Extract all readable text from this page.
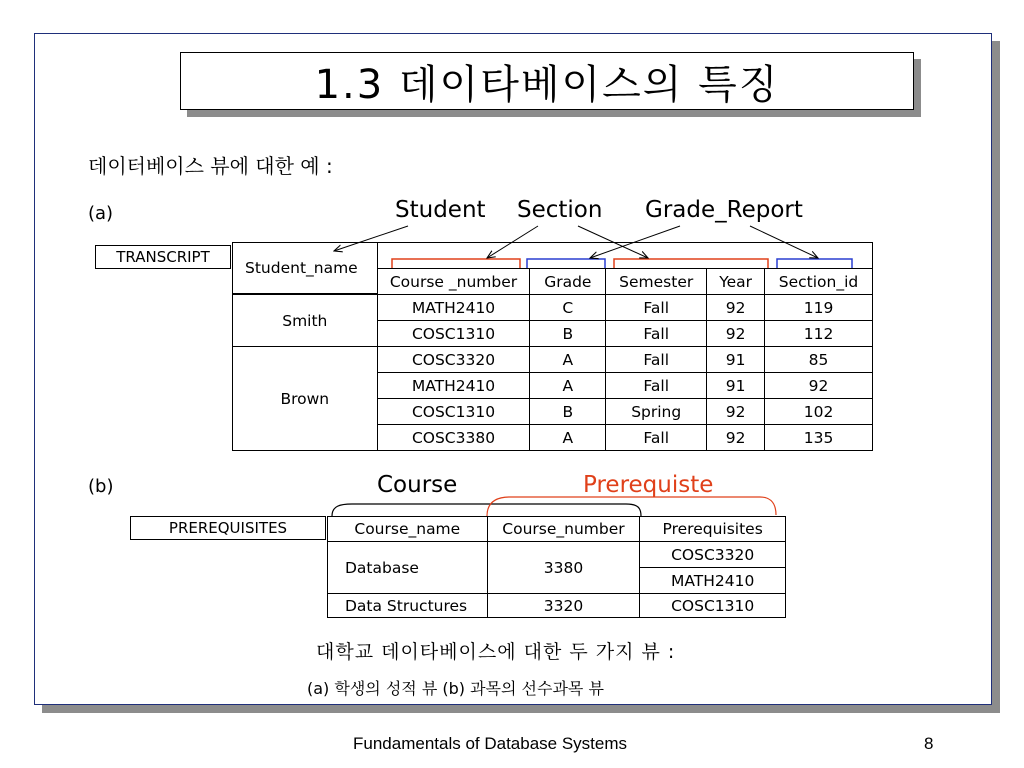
1.3 데이타베이스의 특징
데이터베이스 뷰에 대한 예 :
(a)	Student Section Grade_Report
TRANSCRIPT
Student_name	

	Course _number	Grade	Semester	Year	Section_id
Smith	MATH2410	C	Fall	92	119
	COSC1310	B	Fall	92	112
Brown	COSC3320	A	Fall	91	85
	MATH2410	A	Fall	91	92
	COSC1310	B	Spring	92	102
	COSC3380	A	Fall	92	135
(b)	Course	Prerequiste
PREREQUISITES	Course_name	Course_number	Prerequisites
Database	3380	COSC3320
		MATH2410
Data Structures	3320	COSC1310
대학교 데이타베이스에 대한 두 가지 뷰 :
(a) 학생의 성적 뷰 (b) 과목의 선수과목 뷰
Fundamentals of Database Systems	8
